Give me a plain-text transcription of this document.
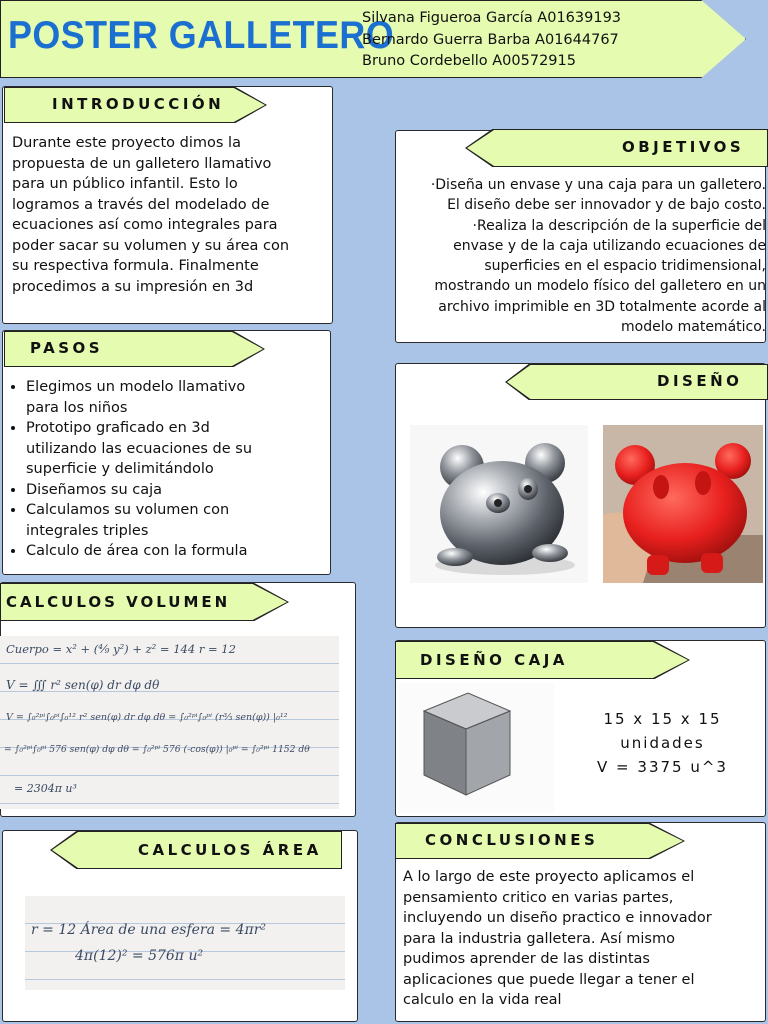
POSTER GALLETERO
Silvana Figueroa García A01639193
Bernardo Guerra Barba A01644767
Bruno Cordebello A00572915
INTRODUCCIÓN
Durante este proyecto dimos la
propuesta de un galletero llamativo
para un público infantil. Esto lo
logramos a través del modelado de
ecuaciones así como integrales para
poder sacar su volumen y su área con
su respectiva formula. Finalmente
procedimos a su impresión en 3d
OBJETIVOS
·Diseña un envase y una caja para un galletero.
El diseño debe ser innovador y de bajo costo.
·Realiza la descripción de la superficie del
envase y de la caja utilizando ecuaciones de
superficies en el espacio tridimensional,
mostrando un modelo físico del galletero en un
archivo imprimible en 3D totalmente acorde al
modelo matemático.
PASOS
• Elegimos un modelo llamativo para los niños
• Prototipo graficado en 3d utilizando las ecuaciones de su superficie y delimitándolo
• Diseñamos su caja
• Calculamos su volumen con integrales triples
• Calculo de área con la formula
DISEÑO
CALCULOS VOLUMEN
Cuerpo = x² + (⁴⁄₉ y²) + z² = 144 r = 12
V = ∭ r² sen(φ) dr dφ dθ
V = ∫₀²ᵖⁱ∫₀ᵖⁱ∫₀¹² r² sen(φ) dr dφ dθ = ∫₀²ᵖⁱ∫₀ᵖⁱ (r³⁄₃ sen(φ)) |₀¹²
= ∫₀²ᵖⁱ∫₀ᵖⁱ 576 sen(φ) dφ dθ = ∫₀²ᵖⁱ 576 (-cos(φ)) |₀ᵖⁱ = ∫₀²ᵖⁱ 1152 dθ
= 2304π u³
DISEÑO CAJA
15 x 15 x 15
unidades
V = 3375 u^3
CALCULOS ÁREA
r = 12 Área de una esfera = 4πr²
4π(12)² = 576π u²
CONCLUSIONES
A lo largo de este proyecto aplicamos el
pensamiento critico en varias partes,
incluyendo un diseño practico e innovador
para la industria galletera. Así mismo
pudimos aprender de las distintas
aplicaciones que puede llegar a tener el
calculo en la vida real
